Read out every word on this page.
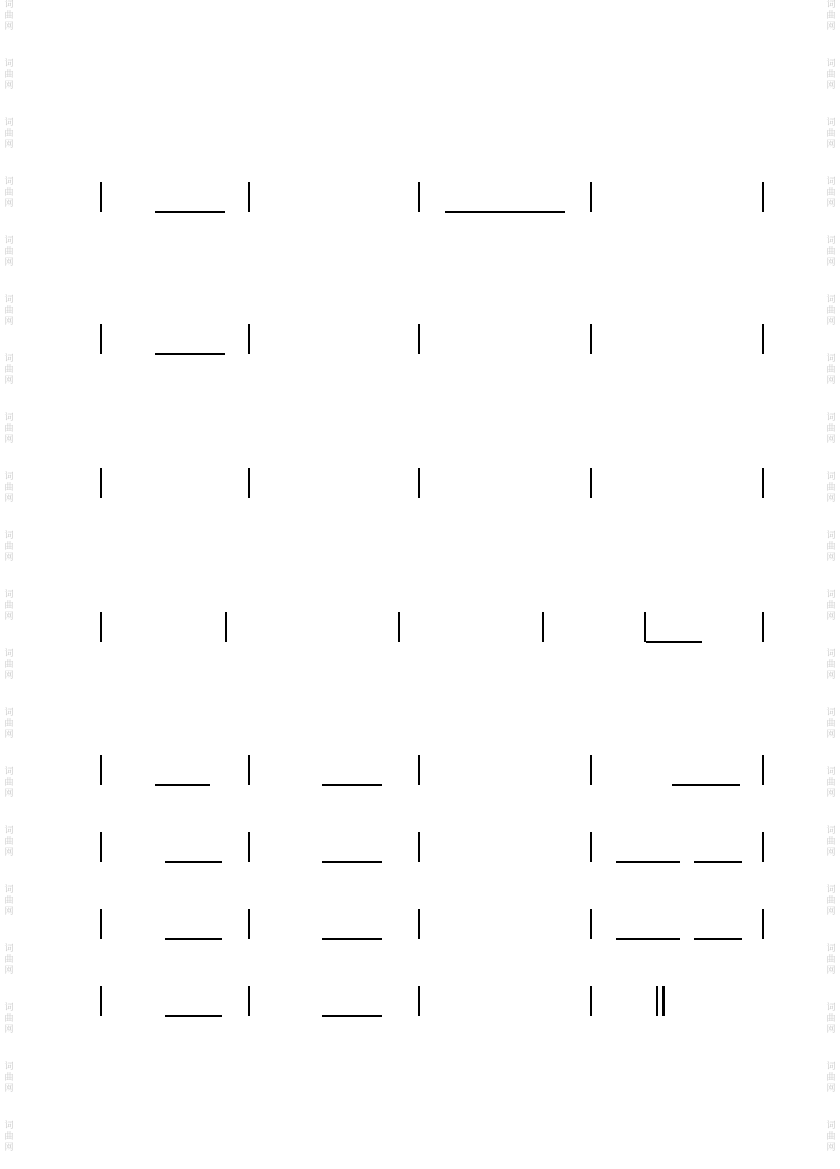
词
曲
网
词
曲
网
词
曲
网
词
曲
网
词
曲
网
词
曲
网
词
曲
网
词
曲
网
词
曲
网
词
曲
网
词
曲
网
词
曲
网
词
曲
网
词
曲
网
词
曲
网
词
曲
网
词
曲
网
词
曲
网
词
曲
网
词
曲
网
词
曲
网
词
曲
网
词
曲
网
词
曲
网
词
曲
网
词
曲
网
词
曲
网
词
曲
网
词
曲
网
词
曲
网
词
曲
网
词
曲
网
词
曲
网
词
曲
网
词
曲
网
词
曲
网
词
曲
网
词
曲
网
词
曲
网
词
曲
网
